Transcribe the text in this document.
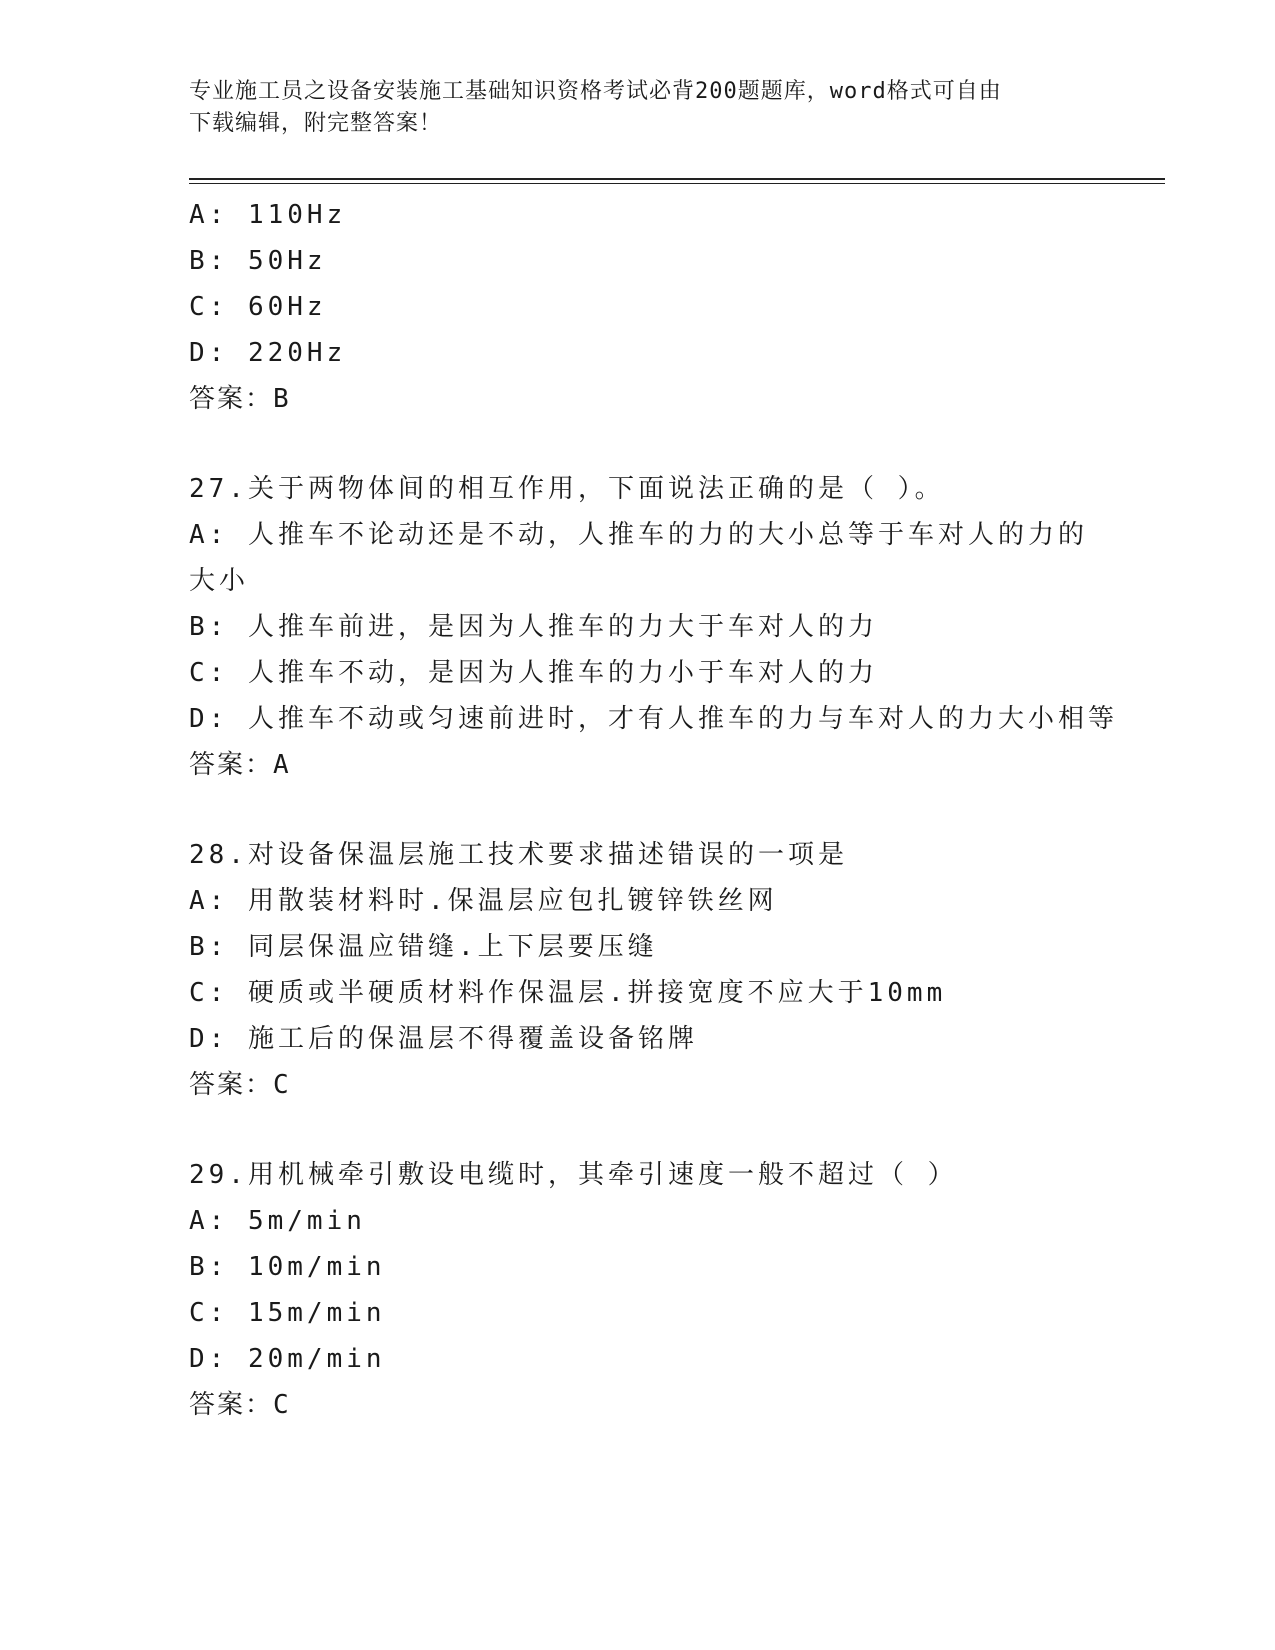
专业施工员之设备安装施工基础知识资格考试必背200题题库，word格式可自由
下载编辑，附完整答案！
A: 110Hz
B: 50Hz
C: 60Hz
D: 220Hz
答案：B
27.关于两物体间的相互作用，下面说法正确的是（ ）。
A: 人推车不论动还是不动，人推车的力的大小总等于车对人的力的大小
B: 人推车前进，是因为人推车的力大于车对人的力
C: 人推车不动，是因为人推车的力小于车对人的力
D: 人推车不动或匀速前进时，才有人推车的力与车对人的力大小相等
答案：A
28.对设备保温层施工技术要求描述错误的一项是
A: 用散装材料时.保温层应包扎镀锌铁丝网
B: 同层保温应错缝.上下层要压缝
C: 硬质或半硬质材料作保温层.拼接宽度不应大于10mm
D: 施工后的保温层不得覆盖设备铭牌
答案：C
29.用机械牵引敷设电缆时，其牵引速度一般不超过（ ）
A: 5m/min
B: 10m/min
C: 15m/min
D: 20m/min
答案：C
